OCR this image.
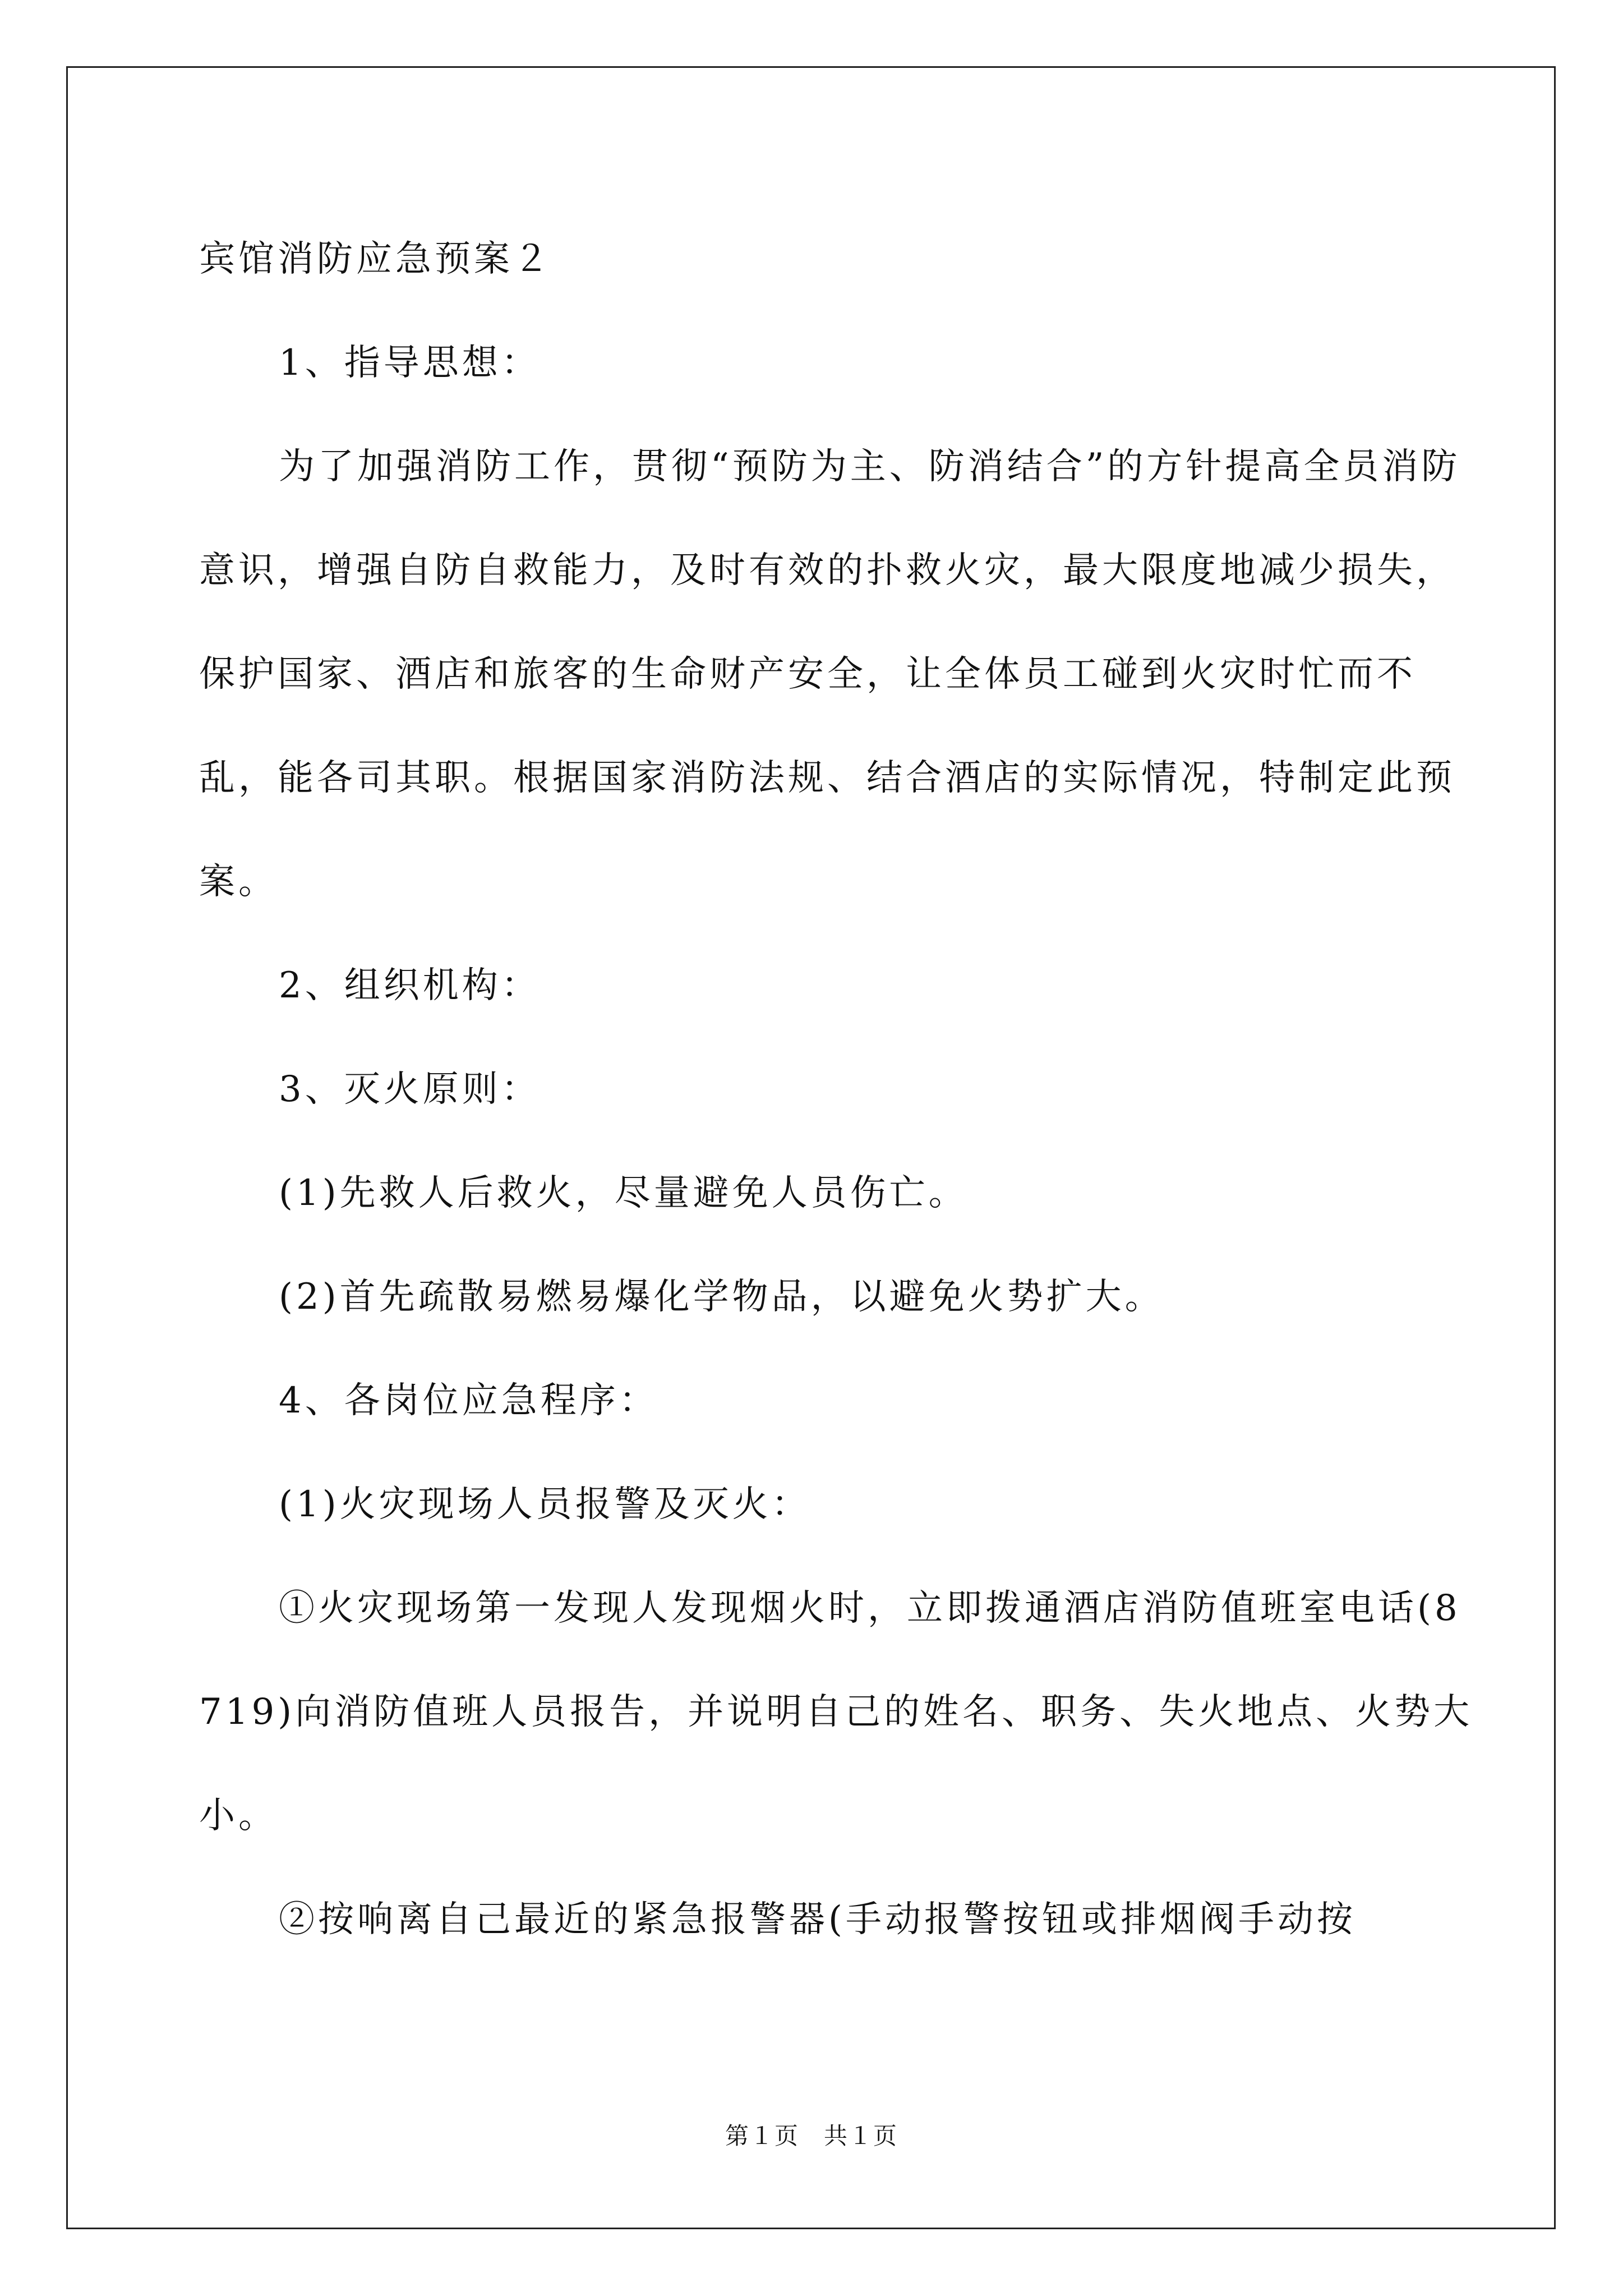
宾馆消防应急预案２

1、指导思想：

为了加强消防工作，贯彻“预防为主、防消结合”的方针提高全员消防意识，增强自防自救能力，及时有效的扑救火灾，最大限度地减少损失，保护国家、酒店和旅客的生命财产安全，让全体员工碰到火灾时忙而不乱，能各司其职。根据国家消防法规、结合酒店的实际情况，特制定此预案。

2、组织机构：

3、灭火原则：

(1)先救人后救火，尽量避免人员伤亡。

(2)首先疏散易燃易爆化学物品，以避免火势扩大。

4、各岗位应急程序：

(1)火灾现场人员报警及灭火：

①火灾现场第一发现人发现烟火时，立即拨通酒店消防值班室电话(8719)向消防值班人员报告，并说明自己的姓名、职务、失火地点、火势大小。

②按响离自己最近的紧急报警器(手动报警按钮或排烟阀手动按

第１页　共１页
